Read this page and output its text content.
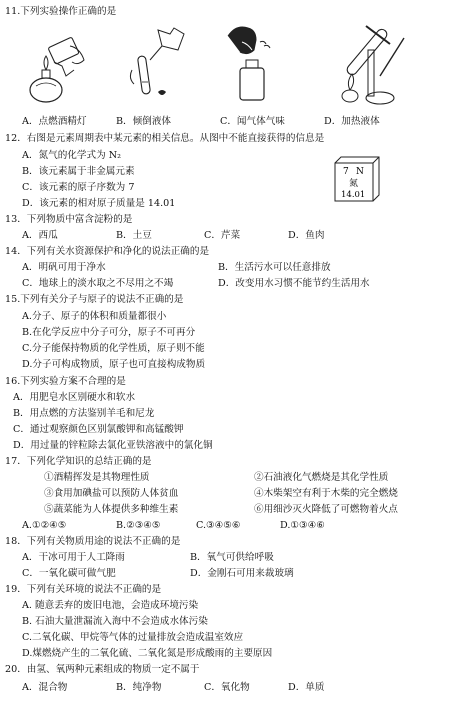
11.下列实验操作正确的是
A．点燃酒精灯	B．倾倒液体	C．闻气体气味	D．加热液体
12．右图是元素周期表中某元素的相关信息。从图中不能直接获得的信息是
A．氮气的化学式为 N₂
B．该元素属于非金属元素
C．该元素的原子序数为 7
D．该元素的相对原子质量是 14.01
7 N
氮
14.01
13．下列物质中富含淀粉的是
A．西瓜	B．土豆	C．芹菜	D．鱼肉
14．下列有关水资源保护和净化的说法正确的是
A．明矾可用于净水	B．生活污水可以任意排放
C．地球上的淡水取之不尽用之不竭	D．改变用水习惯不能节约生活用水
15.下列有关分子与原子的说法不正确的是
A.分子、原子的体积和质量都很小
B.在化学反应中分子可分，原子不可再分
C.分子能保持物质的化学性质，原子则不能
D.分子可构成物质，原子也可直接构成物质
16.下列实验方案不合理的是
A．用肥皂水区别硬水和软水
B．用点燃的方法鉴别羊毛和尼龙
C．通过观察颜色区别氯酸钾和高锰酸钾
D．用过量的锌粒除去氯化亚铁溶液中的氯化铜
17．下列化学知识的总结正确的是
①酒精挥发是其物理性质	②石油液化气燃烧是其化学性质
③食用加碘盐可以预防人体贫血	④木柴架空有利于木柴的完全燃烧
⑤蔬菜能为人体提供多种维生素	⑥用细沙灭火降低了可燃物着火点
A.①②④⑤	B.②③④⑤	C.③④⑤⑥	D.①③④⑥
18．下列有关物质用途的说法不正确的是
A．干冰可用于人工降雨	B．氧气可供给呼吸
C．一氧化碳可做气肥	D．金刚石可用来裁玻璃
19．下列有关环境的说法不正确的是
A. 随意丢弃的废旧电池，会造成环境污染
B. 石油大量泄漏流入海中不会造成水体污染
C.二氧化碳、甲烷等气体的过量排放会造成温室效应
D.煤燃烧产生的二氧化硫、二氧化氮是形成酸雨的主要原因
20．由氢、氧两种元素组成的物质一定不属于
A．混合物	B．纯净物	C．氧化物	D．单质
